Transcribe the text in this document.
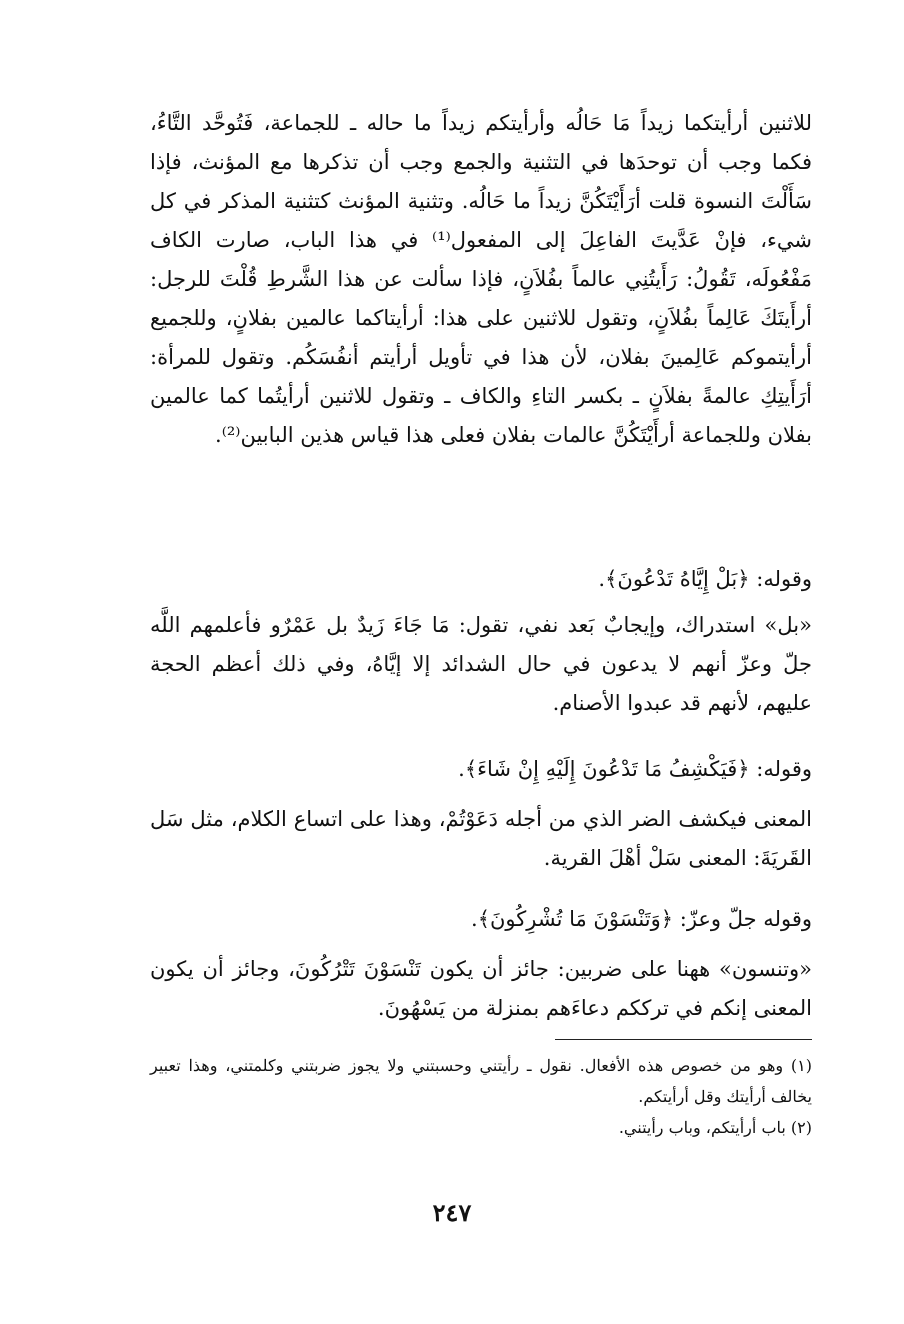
للاثنين أرأيتكما زيداً مَا حَالُه وأرأيتكم زيداً ما حاله ـ للجماعة، فَتُوحَّد التَّاءُ، فكما وجب أن توحدَها في التثنية والجمع وجب أن تذكرها مع المؤنث، فإذا سَأَلْتَ النسوة قلت أرَأَيْتَكُنَّ زيداً ما حَالُه. وتثنية المؤنث كتثنية المذكر في كل شيء، فإنْ عَدَّيتَ الفاعِلَ إلى المفعول⁽¹⁾ في هذا الباب، صارت الكاف مَفْعُولَه، تَقُولُ: رَأَيتُنِي عالماً بفُلاَنٍ، فإذا سألت عن هذا الشَّرطِ قُلْتَ للرجل: أرأَيتَكَ عَالِماً بفُلاَنٍ، وتقول للاثنين على هذا: أرأيتاكما عالمين بفلانٍ، وللجميع أرأيتموكم عَالِمينَ بفلان، لأن هذا في تأويل أرأيتم أنفُسَكُم. وتقول للمرأة: أرَأَيتِكِ عالمةً بفلاَنٍ ـ بكسر التاءِ والكاف ـ وتقول للاثنين أرأيتُما كما عالمين بفلان وللجماعة أرأَيْتَكُنَّ عالمات بفلان فعلى هذا قياس هذين البابين⁽²⁾.

وقوله: ﴿بَلْ إِيَّاهُ تَدْعُونَ﴾.

«بل» استدراك، وإيجابٌ بَعد نفي، تقول: مَا جَاءَ زَيدٌ بل عَمْرٌو فأعلمهم اللَّه جلّ وعزّ أنهم لا يدعون في حال الشدائد إلا إيَّاهُ، وفي ذلك أعظم الحجة عليهم، لأنهم قد عبدوا الأصنام.

وقوله: ﴿فَيَكْشِفُ مَا تَدْعُونَ إِلَيْهِ إِنْ شَاءَ﴾.

المعنى فيكشف الضر الذي من أجله دَعَوْتُمْ، وهذا على اتساع الكلام، مثل سَل القَريَةَ: المعنى سَلْ أهْلَ القرية.

وقوله جلّ وعزّ: ﴿وَتَنْسَوْنَ مَا تُشْرِكُونَ﴾.

«وتنسون» ههنا على ضربين: جائز أن يكون تَنْسَوْنَ تَتْرُكُونَ، وجائز أن يكون المعنى إنكم في ترككم دعاءَهم بمنزلة من يَسْهُونَ.

(١) وهو من خصوص هذه الأفعال. نقول ـ رأيتني وحسبتني ولا يجوز ضربتني وكلمتني، وهذا تعبير يخالف أرأيتك وقل أرأيتكم.

(٢) باب أرأيتكم، وباب رأيتني.

٢٤٧
